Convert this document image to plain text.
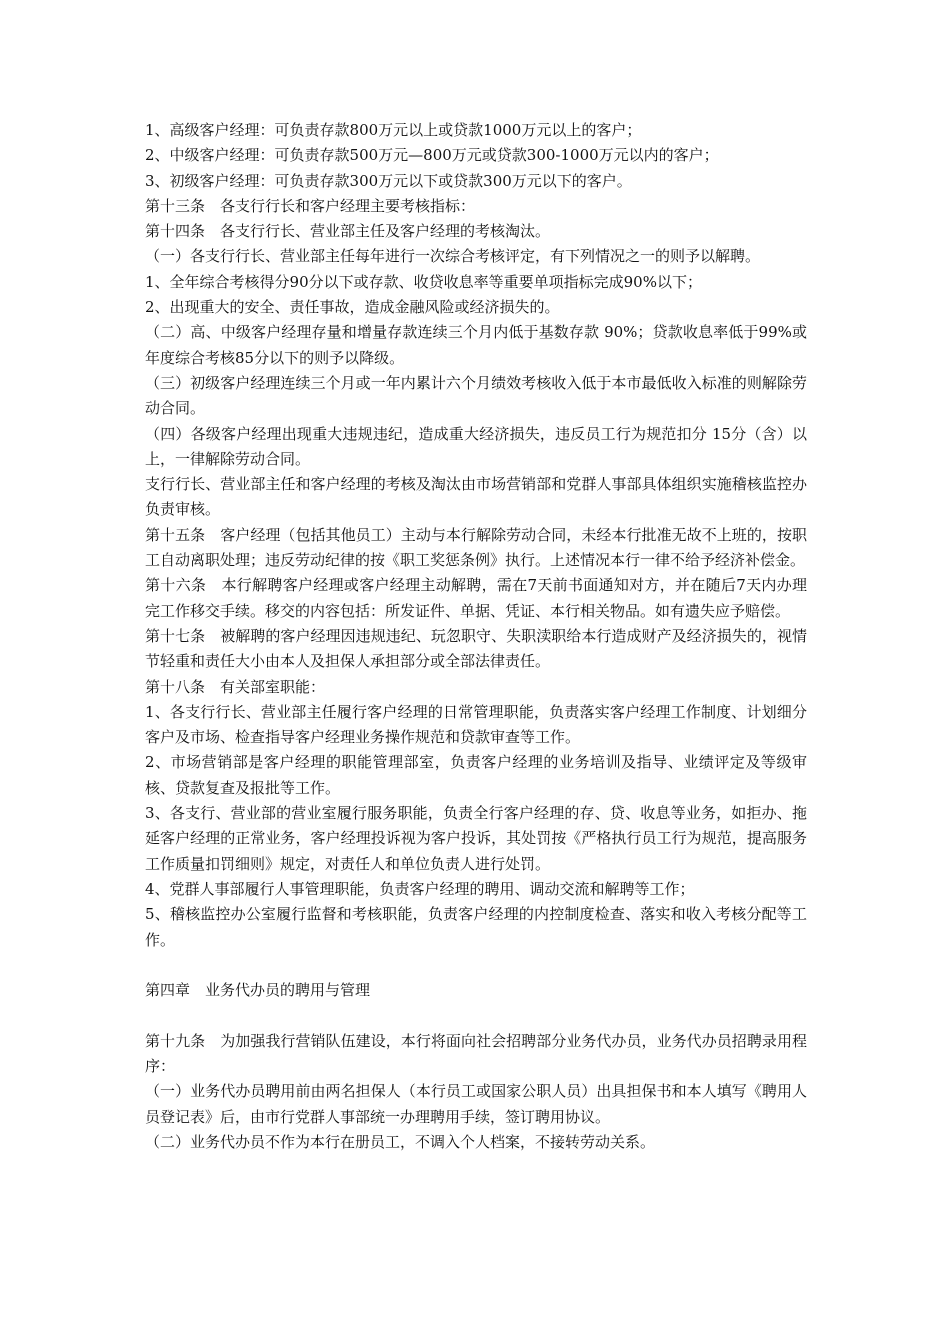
1、高级客户经理：可负责存款800万元以上或贷款1000万元以上的客户；

2、中级客户经理：可负责存款500万元—800万元或贷款300-1000万元以内的客户；

3、初级客户经理：可负责存款300万元以下或贷款300万元以下的客户。

第十三条　各支行行长和客户经理主要考核指标：

第十四条　各支行行长、营业部主任及客户经理的考核淘汰。

（一）各支行行长、营业部主任每年进行一次综合考核评定，有下列情况之一的则予以解聘。

1、全年综合考核得分90分以下或存款、收贷收息率等重要单项指标完成90%以下；

2、出现重大的安全、责任事故，造成金融风险或经济损失的。

（二）高、中级客户经理存量和增量存款连续三个月内低于基数存款 90%；贷款收息率低于99%或年度综合考核85分以下的则予以降级。

（三）初级客户经理连续三个月或一年内累计六个月绩效考核收入低于本市最低收入标准的则解除劳动合同。

（四）各级客户经理出现重大违规违纪，造成重大经济损失，违反员工行为规范扣分 15分（含）以上，一律解除劳动合同。

支行行长、营业部主任和客户经理的考核及淘汰由市场营销部和党群人事部具体组织实施稽核监控办负责审核。

第十五条　客户经理（包括其他员工）主动与本行解除劳动合同，未经本行批准无故不上班的，按职工自动离职处理；违反劳动纪律的按《职工奖惩条例》执行。上述情况本行一律不给予经济补偿金。

第十六条　本行解聘客户经理或客户经理主动解聘，需在7天前书面通知对方，并在随后7天内办理完工作移交手续。移交的内容包括：所发证件、单据、凭证、本行相关物品。如有遗失应予赔偿。

第十七条　被解聘的客户经理因违规违纪、玩忽职守、失职渎职给本行造成财产及经济损失的，视情节轻重和责任大小由本人及担保人承担部分或全部法律责任。

第十八条　有关部室职能：

1、各支行行长、营业部主任履行客户经理的日常管理职能，负责落实客户经理工作制度、计划细分客户及市场、检查指导客户经理业务操作规范和贷款审查等工作。

2、市场营销部是客户经理的职能管理部室，负责客户经理的业务培训及指导、业绩评定及等级审核、贷款复查及报批等工作。

3、各支行、营业部的营业室履行服务职能，负责全行客户经理的存、贷、收息等业务，如拒办、拖延客户经理的正常业务，客户经理投诉视为客户投诉，其处罚按《严格执行员工行为规范，提高服务工作质量扣罚细则》规定，对责任人和单位负责人进行处罚。

4、党群人事部履行人事管理职能，负责客户经理的聘用、调动交流和解聘等工作；

5、稽核监控办公室履行监督和考核职能，负责客户经理的内控制度检查、落实和收入考核分配等工作。

第四章　业务代办员的聘用与管理

第十九条　为加强我行营销队伍建设，本行将面向社会招聘部分业务代办员，业务代办员招聘录用程序：

（一）业务代办员聘用前由两名担保人（本行员工或国家公职人员）出具担保书和本人填写《聘用人员登记表》后，由市行党群人事部统一办理聘用手续，签订聘用协议。

（二）业务代办员不作为本行在册员工，不调入个人档案，不接转劳动关系。
